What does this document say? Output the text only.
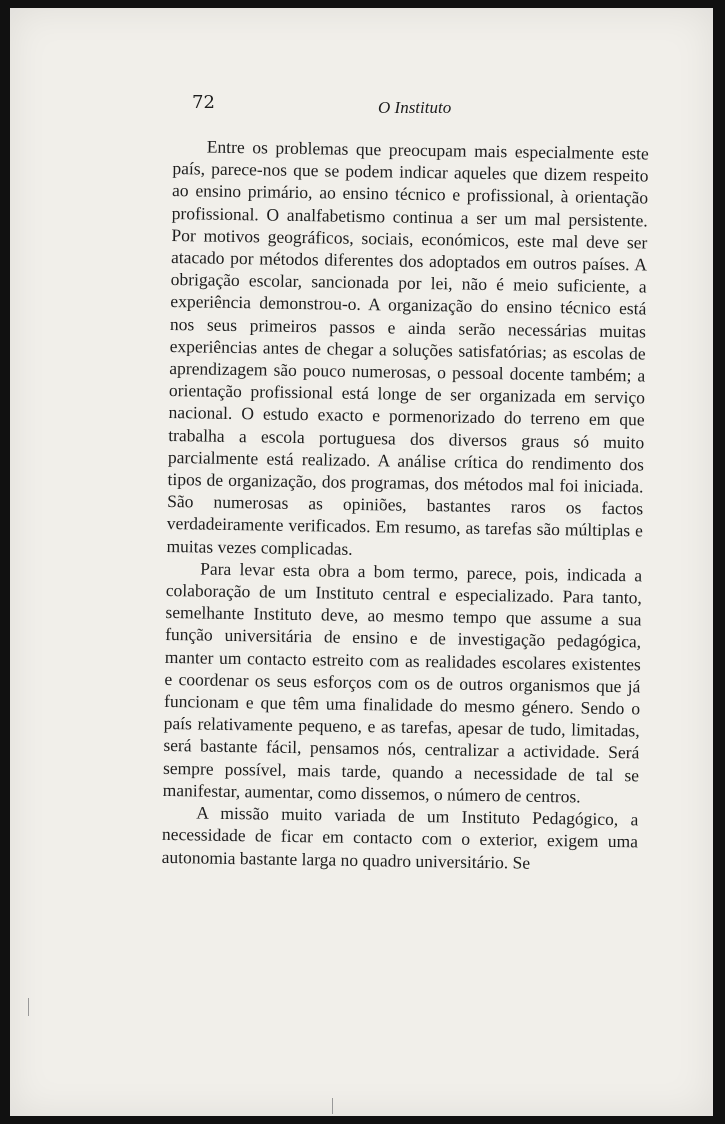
72	O Instituto

Entre os problemas que preocupam mais especialmente este país, parece-nos que se podem indicar aqueles que dizem respeito ao ensino primário, ao ensino técnico e profissional, à orientação profissional. O analfabetismo continua a ser um mal persistente. Por motivos geográficos, sociais, económicos, este mal deve ser atacado por métodos diferentes dos adoptados em outros países. A obrigação escolar, sancionada por lei, não é meio suficiente, a experiência demonstrou-o. A organização do ensino técnico está nos seus primeiros passos e ainda serão necessárias muitas experiências antes de chegar a soluções satisfatórias; as escolas de aprendizagem são pouco numerosas, o pessoal docente também; a orientação profissional está longe de ser organizada em serviço nacional. O estudo exacto e pormenorizado do terreno em que trabalha a escola portuguesa dos diversos graus só muito parcialmente está realizado. A análise crítica do rendimento dos tipos de organização, dos programas, dos métodos mal foi iniciada. São numerosas as opiniões, bastantes raros os factos verdadeiramente verificados. Em resumo, as tarefas são múltiplas e muitas vezes complicadas.

Para levar esta obra a bom termo, parece, pois, indicada a colaboração de um Instituto central e especializado. Para tanto, semelhante Instituto deve, ao mesmo tempo que assume a sua função universitária de ensino e de investigação pedagógica, manter um contacto estreito com as realidades escolares existentes e coordenar os seus esforços com os de outros organismos que já funcionam e que têm uma finalidade do mesmo género. Sendo o país relativamente pequeno, e as tarefas, apesar de tudo, limitadas, será bastante fácil, pensamos nós, centralizar a actividade. Será sempre possível, mais tarde, quando a necessidade de tal se manifestar, aumentar, como dissemos, o número de centros.

A missão muito variada de um Instituto Pedagógico, a necessidade de ficar em contacto com o exterior, exigem uma autonomia bastante larga no quadro universitário. Se
